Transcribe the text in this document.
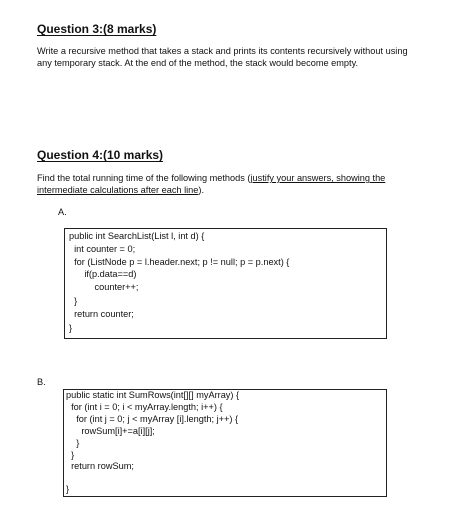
Question 3:(8 marks)
Write a recursive method that takes a stack and prints its contents recursively without using
any temporary stack. At the end of the method, the stack would become empty.
Question 4:(10 marks)
Find the total running time of the following methods (justify your answers, showing the
intermediate calculations after each line).
A.
public int SearchList(List l, int d) {
int counter = 0;
for (ListNode p = l.header.next; p != null; p = p.next) {
if(p.data==d)
counter++;
}
return counter;
}
B.
public static int SumRows(int[][] myArray) {
for (int i = 0; i < myArray.length; i++) {
for (int j = 0; j < myArray [i].length; j++) {
rowSum[i]+=a[i][j];
}
}
return rowSum;
}
